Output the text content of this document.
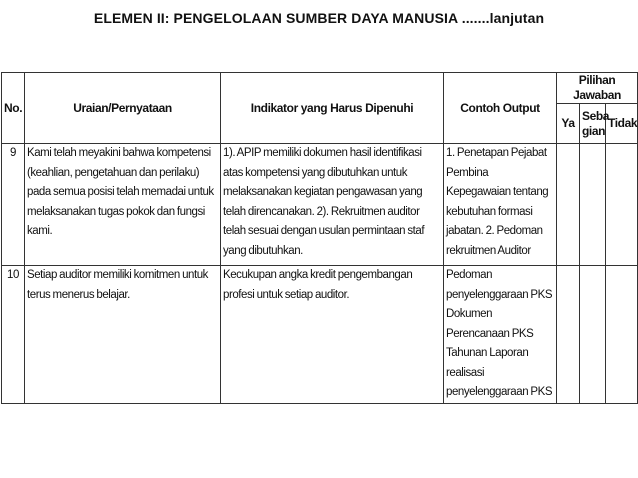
ELEMEN II: PENGELOLAAN SUMBER DAYA MANUSIA .......lanjutan
No.	Uraian/Pernyataan	Indikator yang Harus Dipenuhi	Contoh Output	Pilihan Jawaban		
				Ya	Seba gian	Tidak
9	Kami telah meyakini bahwa kompetensi (keahlian, pengetahuan dan perilaku) pada semua posisi telah memadai untuk melaksanakan tugas pokok dan fungsi kami.	1). APIP memiliki dokumen hasil identifikasi atas kompetensi yang dibutuhkan untuk melaksanakan kegiatan pengawasan yang telah direncanakan. 2). Rekruitmen auditor telah sesuai dengan usulan permintaan staf yang dibutuhkan.	1. Penetapan Pejabat Pembina Kepegawaian tentang kebutuhan formasi jabatan. 2. Pedoman rekruitmen Auditor			
10	Setiap auditor memiliki komitmen untuk terus menerus belajar.	Kecukupan angka kredit pengembangan profesi untuk setiap auditor.	Pedoman penyelenggaraan PKS Dokumen Perencanaan PKS Tahunan Laporan realisasi penyelenggaraan PKS			
